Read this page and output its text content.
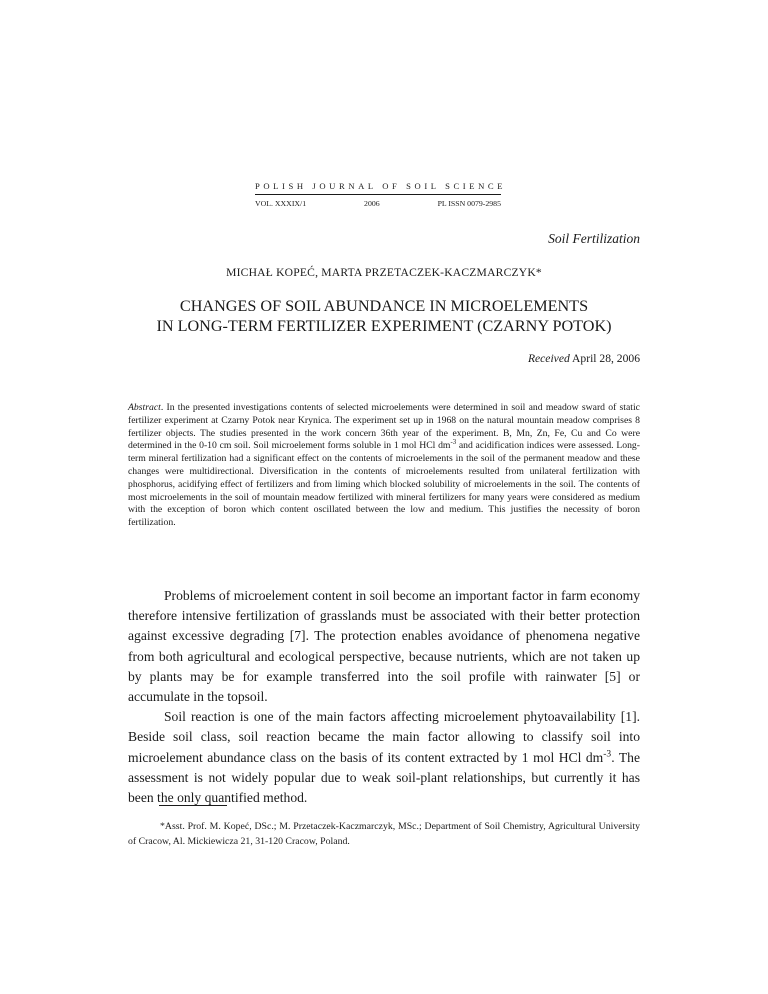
POLISH JOURNAL OF SOIL SCIENCE
VOL. XXXIX/1	2006	PL ISSN 0079-2985
Soil Fertilization
MICHAŁ KOPEĆ, MARTA PRZETACZEK-KACZMARCZYK*
CHANGES OF SOIL ABUNDANCE IN MICROELEMENTS
IN LONG-TERM FERTILIZER EXPERIMENT (CZARNY POTOK)
Received April 28, 2006
Abstract. In the presented investigations contents of selected microelements were determined in soil and meadow sward of static fertilizer experiment at Czarny Potok near Krynica. The experiment set up in 1968 on the natural mountain meadow comprises 8 fertilizer objects. The studies presented in the work concern 36th year of the experiment. B, Mn, Zn, Fe, Cu and Co were determined in the 0-10 cm soil. Soil microelement forms soluble in 1 mol HCl $dm^{-3}$ and acidification indices were assessed. Long-term mineral fertilization had a significant effect on the contents of microelements in the soil of the permanent meadow and these changes were multidirectional. Diversification in the contents of microelements resulted from unilateral fertilization with phosphorus, acidifying effect of fertilizers and from liming which blocked solubility of microelements in the soil. The contents of most microelements in the soil of mountain meadow fertilized with mineral fertilizers for many years were considered as medium with the exception of boron which content oscillated between the low and medium. This justifies the necessity of boron fertilization.

Problems of microelement content in soil become an important factor in farm economy therefore intensive fertilization of grasslands must be associated with their better protection against excessive degrading [7]. The protection enables avoidance of phenomena negative from both agricultural and ecological perspective, because nutrients, which are not taken up by plants may be for example transferred into the soil profile with rainwater [5] or accumulate in the topsoil.

Soil reaction is one of the main factors affecting microelement phytoavailability [1]. Beside soil class, soil reaction became the main factor allowing to classify soil into microelement abundance class on the basis of its content extracted by 1 mol HCl $dm^{-3}$. The assessment is not widely popular due to weak soil-plant relationships, but currently it has been the only quantified method.

*Asst. Prof. M. Kopeć, DSc.; M. Przetaczek-Kaczmarczyk, MSc.; Department of Soil Chemistry, Agricultural University of Cracow, Al. Mickiewicza 21, 31-120 Cracow, Poland.
